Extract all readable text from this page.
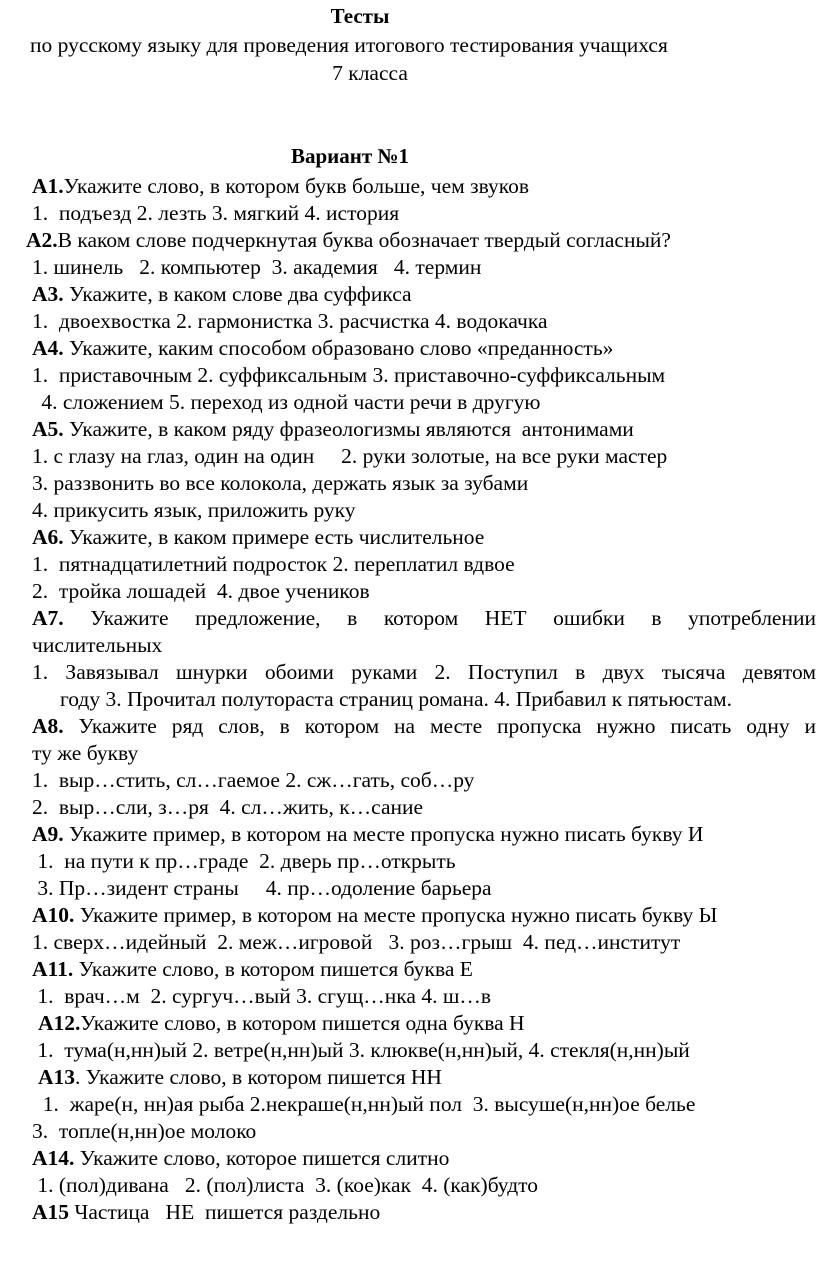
Тесты
по русскому языку для проведения итогового тестирования учащихся
7 класса
Вариант №1
А1.Укажите слово, в котором букв больше, чем звуков
1.  подъезд 2. лезть 3. мягкий 4. история
А2.В каком слове подчеркнутая буква обозначает твердый согласный?
1. шинель   2. компьютер  3. академия   4. термин
А3. Укажите, в каком слове два суффикса
1.  двоехвостка 2. гармонистка 3. расчистка 4. водокачка
А4. Укажите, каким способом образовано слово «преданность»
1.  приставочным 2. суффиксальным 3. приставочно-суффиксальным
4. сложением 5. переход из одной части речи в другую
А5. Укажите, в каком ряду фразеологизмы являются  антонимами
1. с глазу на глаз, один на один     2. руки золотые, на все руки мастер
3. раззвонить во все колокола, держать язык за зубами
4. прикусить язык, приложить руку
А6. Укажите, в каком примере есть числительное
1.  пятнадцатилетний подросток 2. переплатил вдвое
2.  тройка лошадей  4. двое учеников
А7. Укажите предложение, в котором НЕТ ошибки в употреблении
числительных
1. Завязывал шнурки обоими руками 2. Поступил в двух тысяча девятом
году 3. Прочитал полутораста страниц романа. 4. Прибавил к пятьюстам.
А8. Укажите ряд слов, в котором на месте пропуска нужно писать одну и
ту же букву
1.  выр…стить, сл…гаемое 2. сж…гать, соб…ру
2.  выр…сли, з…ря  4. сл…жить, к…сание
А9. Укажите пример, в котором на месте пропуска нужно писать букву И
1.  на пути к пр…граде  2. дверь пр…открыть
3. Пр…зидент страны     4. пр…одоление барьера
А10. Укажите пример, в котором на месте пропуска нужно писать букву Ы
1. сверх…идейный  2. меж…игровой   3. роз…грыш  4. пед…институт
А11. Укажите слово, в котором пишется буква Е
1.  врач…м  2. сургуч…вый 3. сгущ…нка 4. ш…в
А12.Укажите слово, в котором пишется одна буква Н
1.  тума(н,нн)ый 2. ветре(н,нн)ый 3. клюкве(н,нн)ый, 4. стекля(н,нн)ый
А13. Укажите слово, в котором пишется НН
1.  жаре(н, нн)ая рыба 2.некраше(н,нн)ый пол  3. высуше(н,нн)ое белье
3.  топле(н,нн)ое молоко
А14. Укажите слово, которое пишется слитно
1. (пол)дивана   2. (пол)листа  3. (кое)как  4. (как)будто
А15 Частица   НЕ  пишется раздельно
